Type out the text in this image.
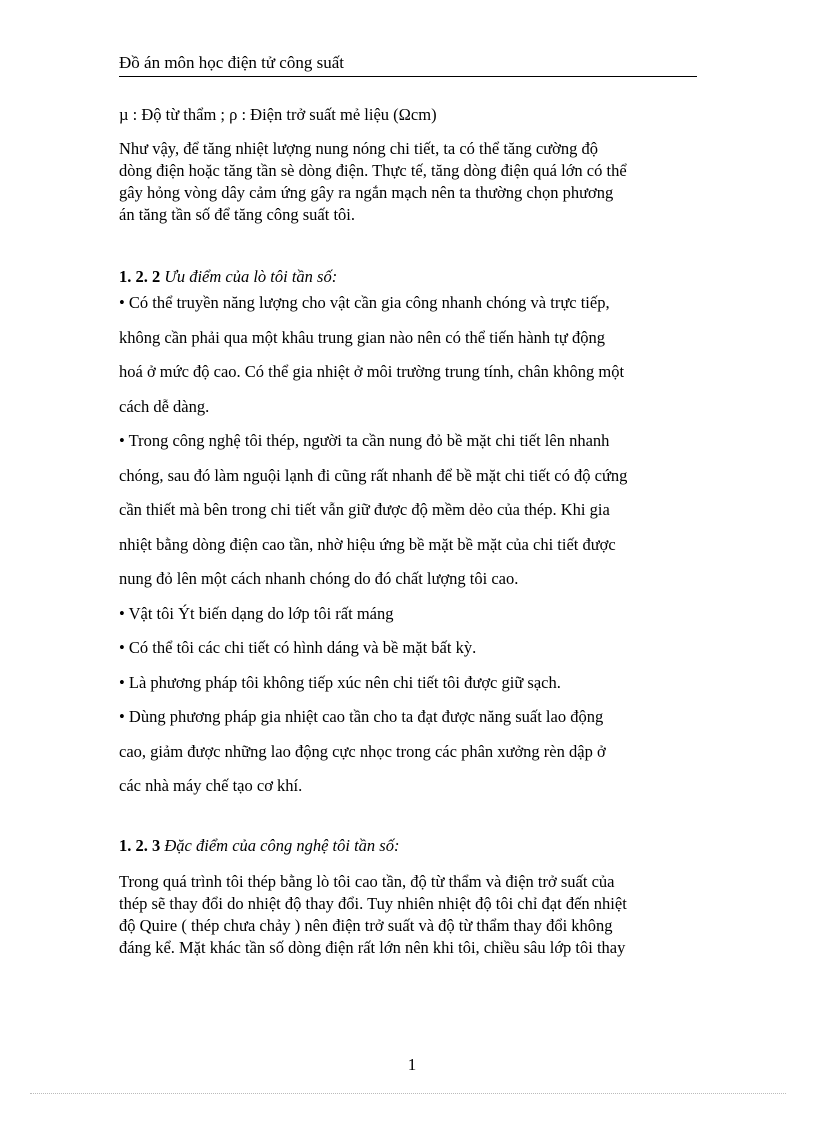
Đồ án môn học điện tử công suất
µ : Độ từ thẩm ; ρ : Điện trở suất mẻ liệu (Ωcm)
Như vậy, để tăng nhiệt lượng nung nóng chi tiết, ta có thể tăng cường độ
dòng điện hoặc tăng tần sè dòng điện. Thực tế, tăng dòng điện quá lớn có thể
gây hỏng vòng dây cảm ứng gây ra ngắn mạch nên ta thường chọn phương
án tăng tần số để tăng công suất tôi.
1. 2. 2 Ưu điểm của lò tôi tần số:
• Có thể truyền năng lượng cho vật cần gia công nhanh chóng và trực tiếp,
không cần phải qua một khâu trung gian nào nên có thể tiến hành tự động
hoá ở mức độ cao. Có thể gia nhiệt ở môi trường trung tính, chân không một
cách dễ dàng.
• Trong công nghệ tôi thép, người ta cần nung đỏ bề mặt chi tiết lên nhanh
chóng, sau đó làm nguội lạnh đi cũng rất nhanh để bề mặt chi tiết có độ cứng
cần thiết mà bên trong chi tiết vẫn giữ được độ mềm dẻo của thép. Khi gia
nhiệt bằng dòng điện cao tần, nhờ hiệu ứng bề mặt bề mặt của chi tiết được
nung đỏ lên một cách nhanh chóng do đó chất lượng tôi cao.
• Vật tôi Ýt biến dạng do lớp tôi rất máng
• Có thể tôi các chi tiết có hình dáng và bề mặt bất kỳ.
• Là phương pháp tôi không tiếp xúc nên chi tiết tôi được giữ sạch.
• Dùng phương pháp gia nhiệt cao tần cho ta đạt được năng suất lao động
cao, giảm được những lao động cực nhọc trong các phân xưởng rèn dập ở
các nhà máy chế tạo cơ khí.
1. 2. 3 Đặc điểm của công nghệ tôi tần số:
Trong quá trình tôi thép bằng lò tôi cao tần, độ từ thẩm và điện trở suất của
thép sẽ thay đổi do nhiệt độ thay đổi. Tuy nhiên nhiệt độ tôi chỉ đạt đến nhiệt
độ Quire ( thép chưa chảy ) nên điện trở suất và độ từ thẩm thay đổi không
đáng kể. Mặt khác tần số dòng điện rất lớn nên khi tôi, chiều sâu lớp tôi thay
1
